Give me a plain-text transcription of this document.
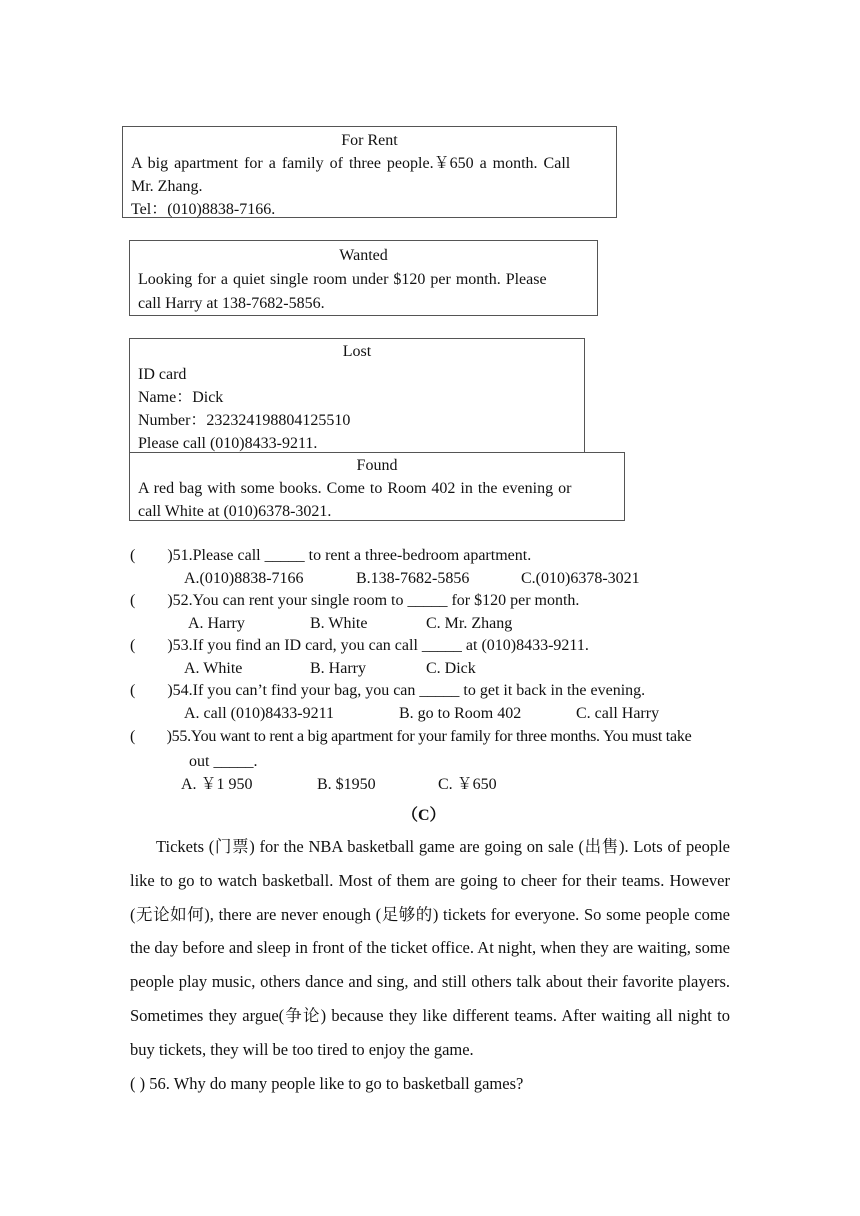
For Rent
A big apartment for a family of three people.￥650 a month. Call
Mr. Zhang.
Tel：(010)8838-7166.
Wanted
Looking for a quiet single room under $120 per month. Please
call Harry at 138-7682-5856.
Lost
ID card
Name：Dick
Number：232324198804125510
Please call (010)8433-9211.
Found
A red bag with some books. Come to Room 402 in the evening or
call White at (010)6378-3021.
(　　)51.Please call _____ to rent a three-bedroom apartment.
A.(010)8838-7166	B.138-7682-5856	C.(010)6378-3021
(　　)52.You can rent your single room to _____ for $120 per month.
A. Harry	B. White	C. Mr. Zhang
(　　)53.If you find an ID card, you can call _____ at (010)8433-9211.
A. White	B. Harry	C. Dick
(　　)54.If you can’t find your bag, you can _____ to get it back in the evening.
A. call (010)8433-9211	B. go to Room 402	C. call Harry
(　　)55.You want to rent a big apartment for your family for three months. You must take
out _____.
A. ￥1 950	B. $1950	C. ￥650
（C）

Tickets (门票) for the NBA basketball game are going on sale (出售). Lots of people like to go to watch basketball. Most of them are going to cheer for their teams. However (无论如何), there are never enough (足够的) tickets for everyone. So some people come the day before and sleep in front of the ticket office. At night, when they are waiting, some people play music, others dance and sing, and still others talk about their favorite players. Sometimes they argue(争论) because they like different teams. After waiting all night to buy tickets, they will be too tired to enjoy the game.

( ) 56. Why do many people like to go to basketball games?
